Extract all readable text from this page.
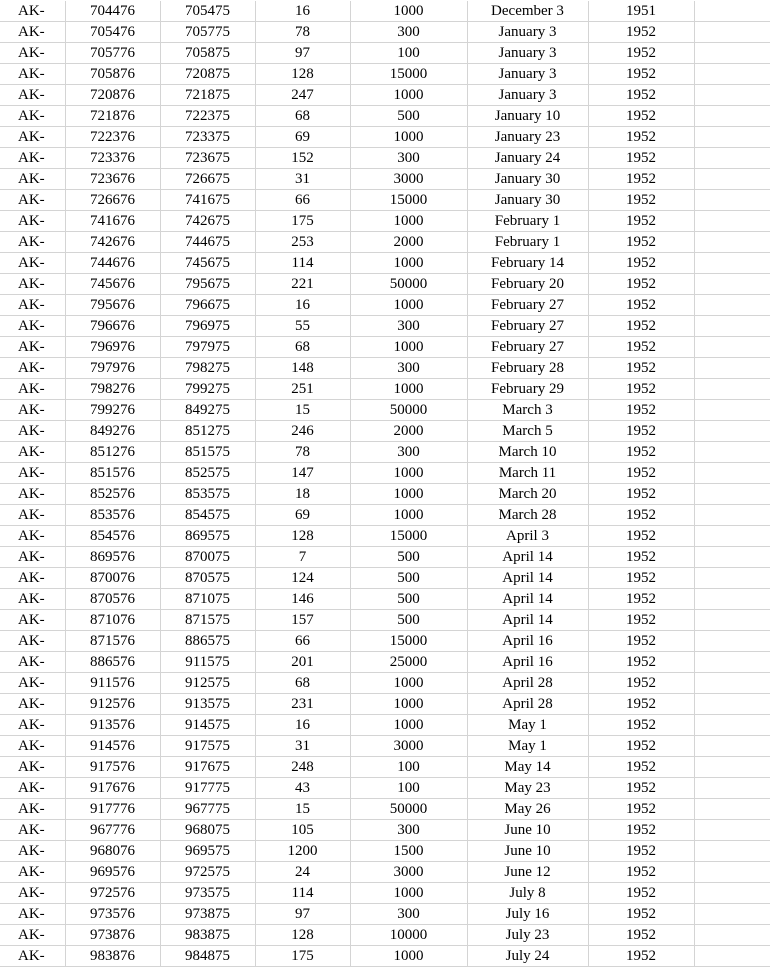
AK-	704476	705475	16	1000	December 3	1951	
AK-	705476	705775	78	300	January 3	1952	
AK-	705776	705875	97	100	January 3	1952	
AK-	705876	720875	128	15000	January 3	1952	
AK-	720876	721875	247	1000	January 3	1952	
AK-	721876	722375	68	500	January 10	1952	
AK-	722376	723375	69	1000	January 23	1952	
AK-	723376	723675	152	300	January 24	1952	
AK-	723676	726675	31	3000	January 30	1952	
AK-	726676	741675	66	15000	January 30	1952	
AK-	741676	742675	175	1000	February 1	1952	
AK-	742676	744675	253	2000	February 1	1952	
AK-	744676	745675	114	1000	February 14	1952	
AK-	745676	795675	221	50000	February 20	1952	
AK-	795676	796675	16	1000	February 27	1952	
AK-	796676	796975	55	300	February 27	1952	
AK-	796976	797975	68	1000	February 27	1952	
AK-	797976	798275	148	300	February 28	1952	
AK-	798276	799275	251	1000	February 29	1952	
AK-	799276	849275	15	50000	March 3	1952	
AK-	849276	851275	246	2000	March 5	1952	
AK-	851276	851575	78	300	March 10	1952	
AK-	851576	852575	147	1000	March 11	1952	
AK-	852576	853575	18	1000	March 20	1952	
AK-	853576	854575	69	1000	March 28	1952	
AK-	854576	869575	128	15000	April 3	1952	
AK-	869576	870075	7	500	April 14	1952	
AK-	870076	870575	124	500	April 14	1952	
AK-	870576	871075	146	500	April 14	1952	
AK-	871076	871575	157	500	April 14	1952	
AK-	871576	886575	66	15000	April 16	1952	
AK-	886576	911575	201	25000	April 16	1952	
AK-	911576	912575	68	1000	April 28	1952	
AK-	912576	913575	231	1000	April 28	1952	
AK-	913576	914575	16	1000	May 1	1952	
AK-	914576	917575	31	3000	May 1	1952	
AK-	917576	917675	248	100	May 14	1952	
AK-	917676	917775	43	100	May 23	1952	
AK-	917776	967775	15	50000	May 26	1952	
AK-	967776	968075	105	300	June 10	1952	
AK-	968076	969575	1200	1500	June 10	1952	
AK-	969576	972575	24	3000	June 12	1952	
AK-	972576	973575	114	1000	July 8	1952	
AK-	973576	973875	97	300	July 16	1952	
AK-	973876	983875	128	10000	July 23	1952	
AK-	983876	984875	175	1000	July 24	1952	
